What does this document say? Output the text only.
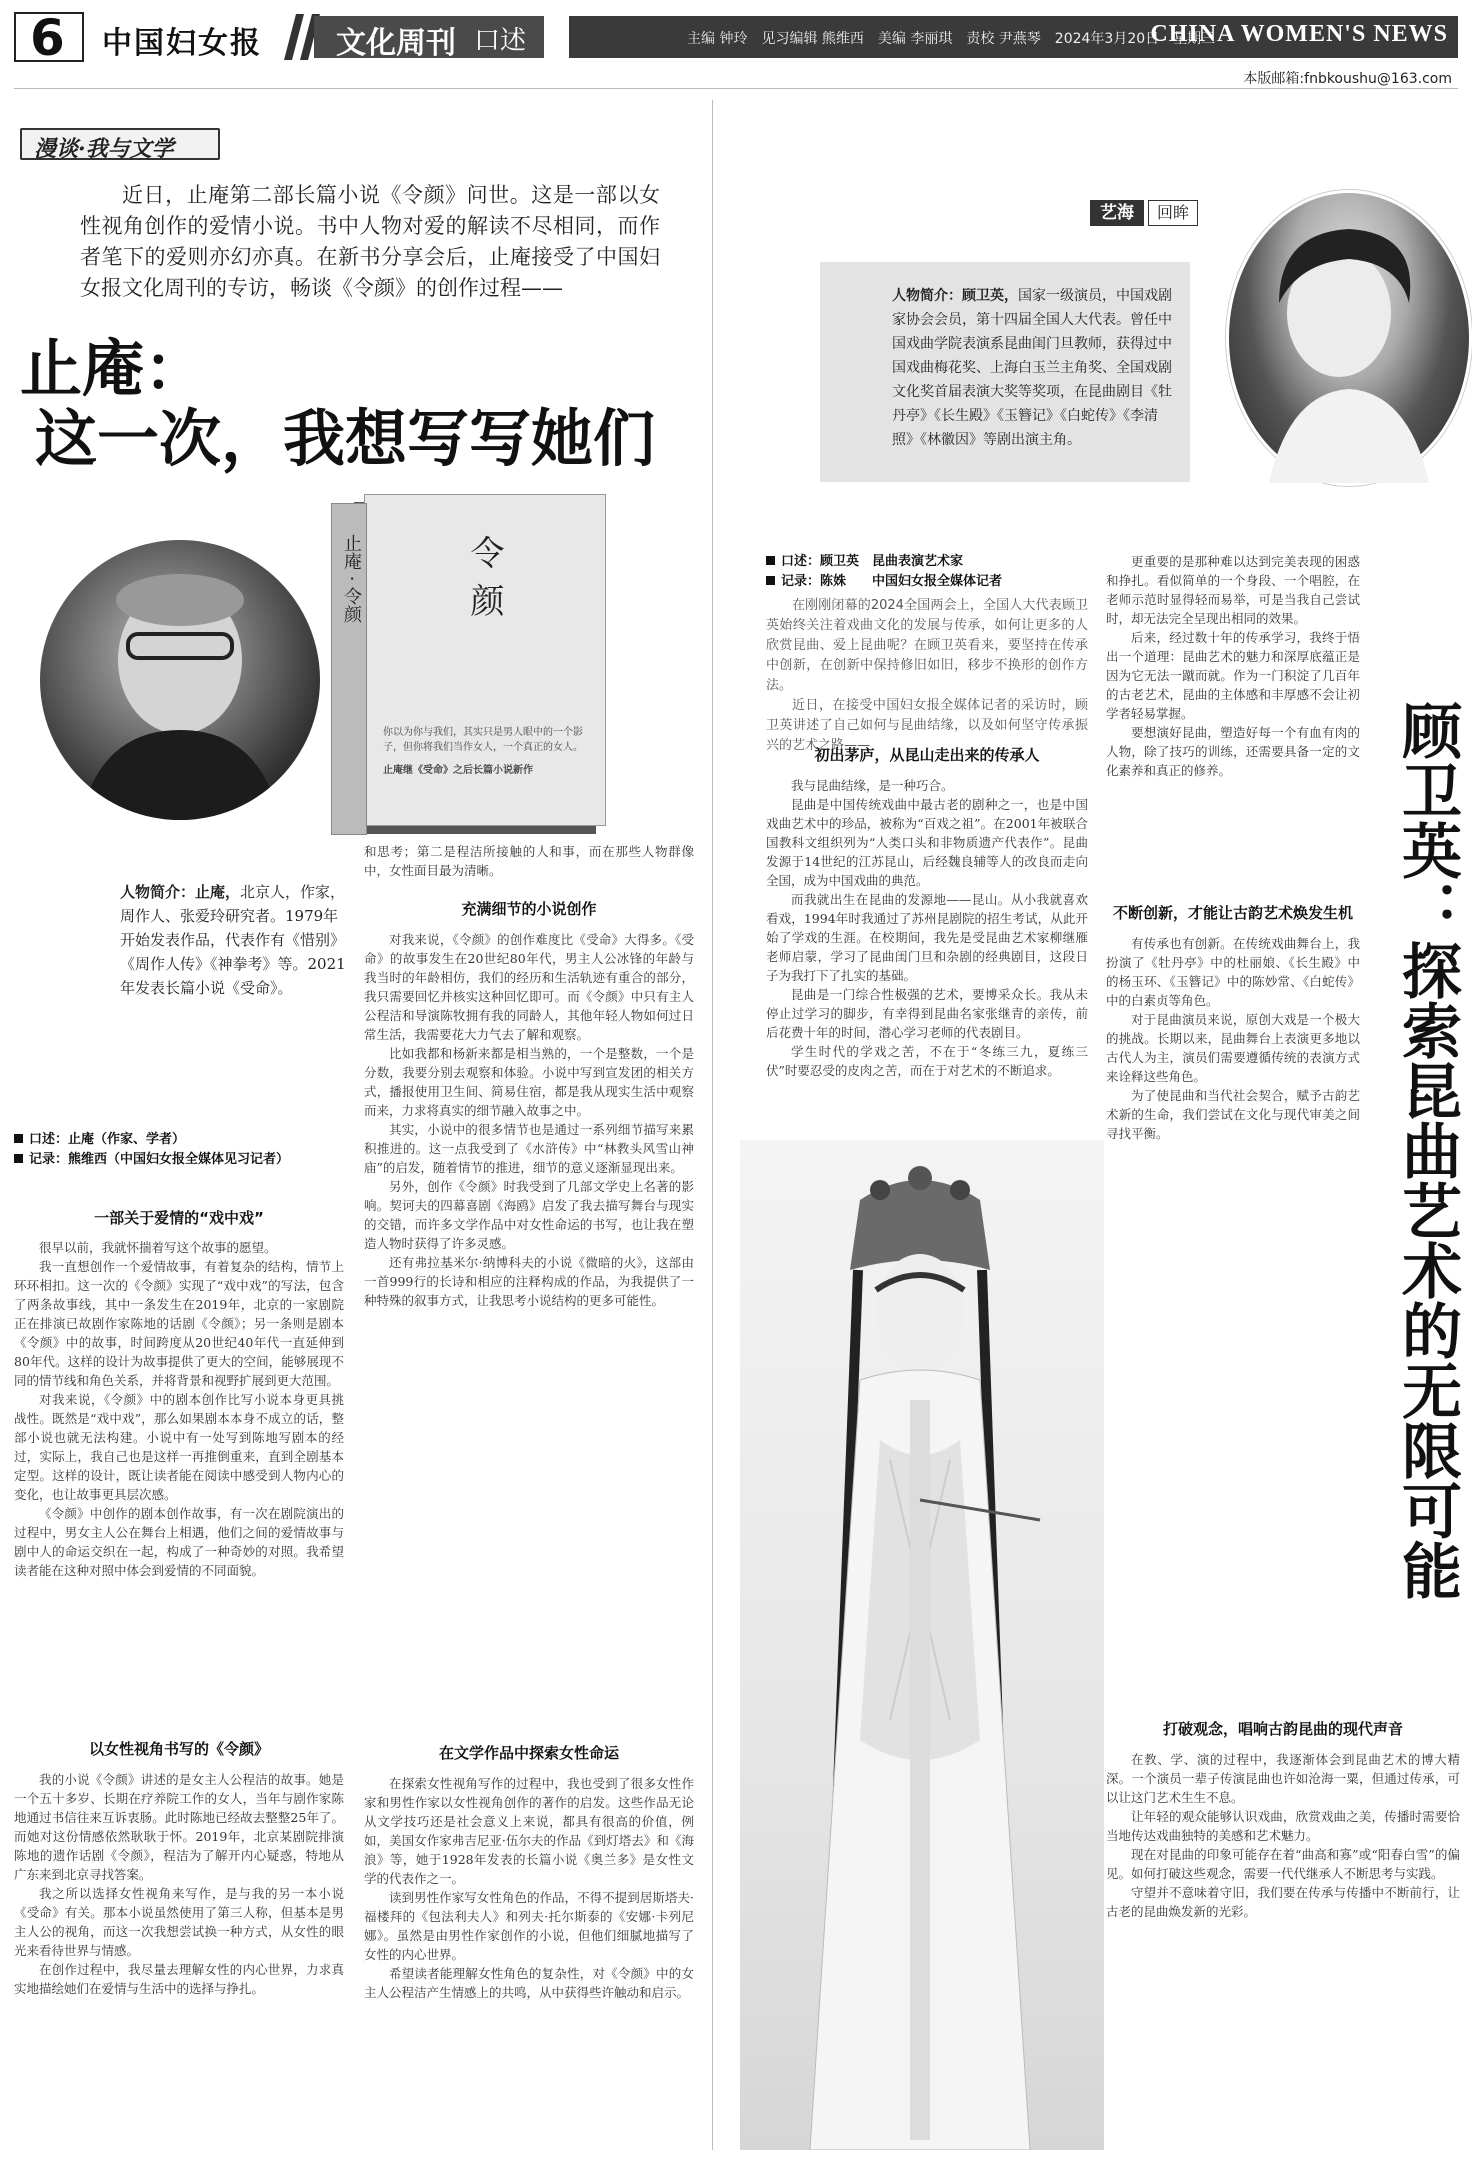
6 中国妇女报 文化周刊 口述	主编 钟玲　见习编辑 熊维西　美编 李丽琪　责校 尹燕琴　2024年3月20日　星期三
CHINA WOMEN'S NEWS
本版邮箱:fnbkoushu@163.com
漫谈·我与文学
近日，止庵第二部长篇小说《令颜》问世。这是一部以女性视角创作的爱情小说。书中人物对爱的解读不尽相同，而作者笔下的爱则亦幻亦真。在新书分享会后，止庵接受了中国妇女报文化周刊的专访，畅谈《令颜》的创作过程——
止庵：
这一次，我想写写她们
止庵 · 令颜	令颜
你以为你与我们，其实只是男人眼中的一个影子，但你将我们当作女人，一个真正的女人。
止庵继《受命》之后长篇小说新作
人物简介：止庵，北京人，作家，周作人、张爱玲研究者。1979年开始发表作品，代表作有《惜别》《周作人传》《神拳考》等。2021年发表长篇小说《受命》。
口述：止庵（作家、学者）
记录：熊维西（中国妇女报全媒体见习记者）
一部关于爱情的“戏中戏”

很早以前，我就怀揣着写这个故事的愿望。

我一直想创作一个爱情故事，有着复杂的结构，情节上环环相扣。这一次的《令颜》实现了“戏中戏”的写法，包含了两条故事线，其中一条发生在2019年，北京的一家剧院正在排演已故剧作家陈地的话剧《令颜》；另一条则是剧本《令颜》中的故事，时间跨度从20世纪40年代一直延伸到80年代。这样的设计为故事提供了更大的空间，能够展现不同的情节线和角色关系，并将背景和视野扩展到更大范围。

对我来说，《令颜》中的剧本创作比写小说本身更具挑战性。既然是“戏中戏”，那么如果剧本本身不成立的话，整部小说也就无法构建。小说中有一处写到陈地写剧本的经过，实际上，我自己也是这样一再推倒重来，直到全剧基本定型。这样的设计，既让读者能在阅读中感受到人物内心的变化，也让故事更具层次感。

《令颜》中创作的剧本创作故事，有一次在剧院演出的过程中，男女主人公在舞台上相遇，他们之间的爱情故事与剧中人的命运交织在一起，构成了一种奇妙的对照。我希望读者能在这种对照中体会到爱情的不同面貌。

以女性视角书写的《令颜》

我的小说《令颜》讲述的是女主人公程洁的故事。她是一个五十多岁、长期在疗养院工作的女人，当年与剧作家陈地通过书信往来互诉衷肠。此时陈地已经故去整整25年了。而她对这份情感依然耿耿于怀。2019年，北京某剧院排演陈地的遗作话剧《令颜》，程洁为了解开内心疑惑，特地从广东来到北京寻找答案。

我之所以选择女性视角来写作，是与我的另一本小说《受命》有关。那本小说虽然使用了第三人称，但基本是男主人公的视角，而这一次我想尝试换一种方式，从女性的眼光来看待世界与情感。

在创作过程中，我尽量去理解女性的内心世界，力求真实地描绘她们在爱情与生活中的选择与挣扎。

和思考；第二是程洁所接触的人和事，而在那些人物群像中，女性面目最为清晰。

充满细节的小说创作

对我来说，《令颜》的创作难度比《受命》大得多。《受命》的故事发生在20世纪80年代，男主人公冰锋的年龄与我当时的年龄相仿，我们的经历和生活轨迹有重合的部分，我只需要回忆并核实这种回忆即可。而《令颜》中只有主人公程洁和导演陈牧拥有我的同龄人，其他年轻人物如何过日常生活，我需要花大力气去了解和观察。

比如我都和杨新来都是相当熟的，一个是整数，一个是分数，我要分别去观察和体验。小说中写到宣发团的相关方式，播报使用卫生间、简易住宿，都是我从现实生活中观察而来，力求将真实的细节融入故事之中。

其实，小说中的很多情节也是通过一系列细节描写来累积推进的。这一点我受到了《水浒传》中“林教头风雪山神庙”的启发，随着情节的推进，细节的意义逐渐显现出来。

另外，创作《令颜》时我受到了几部文学史上名著的影响。契诃夫的四幕喜剧《海鸥》启发了我去描写舞台与现实的交错，而许多文学作品中对女性命运的书写，也让我在塑造人物时获得了许多灵感。

还有弗拉基米尔·纳博科夫的小说《微暗的火》，这部由一首999行的长诗和相应的注释构成的作品，为我提供了一种特殊的叙事方式，让我思考小说结构的更多可能性。

在文学作品中探索女性命运

在探索女性视角写作的过程中，我也受到了很多女性作家和男性作家以女性视角创作的著作的启发。这些作品无论从文学技巧还是社会意义上来说，都具有很高的价值，例如，美国女作家弗吉尼亚·伍尔夫的作品《到灯塔去》和《海浪》等，她于1928年发表的长篇小说《奥兰多》是女性文学的代表作之一。

读到男性作家写女性角色的作品，不得不提到居斯塔夫·福楼拜的《包法利夫人》和列夫·托尔斯泰的《安娜·卡列尼娜》。虽然是由男性作家创作的小说，但他们细腻地描写了女性的内心世界。

希望读者能理解女性角色的复杂性，对《令颜》中的女主人公程洁产生情感上的共鸣，从中获得些许触动和启示。

艺海	回眸
人物简介：顾卫英，国家一级演员，中国戏剧家协会会员，第十四届全国人大代表。曾任中国戏曲学院表演系昆曲闺门旦教师，获得过中国戏曲梅花奖、上海白玉兰主角奖、全国戏剧文化奖首届表演大奖等奖项，在昆曲剧目《牡丹亭》《长生殿》《玉簪记》《白蛇传》《李清照》《林徽因》等剧出演主角。
口述：顾卫英　昆曲表演艺术家
记录：陈姝　　中国妇女报全媒体记者

在刚刚闭幕的2024全国两会上，全国人大代表顾卫英始终关注着戏曲文化的发展与传承，如何让更多的人欣赏昆曲、爱上昆曲呢？在顾卫英看来，要坚持在传承中创新，在创新中保持修旧如旧，移步不换形的创作方法。

近日，在接受中国妇女报全媒体记者的采访时，顾卫英讲述了自己如何与昆曲结缘，以及如何坚守传承振兴的艺术之路——

初出茅庐，从昆山走出来的传承人

我与昆曲结缘，是一种巧合。

昆曲是中国传统戏曲中最古老的剧种之一，也是中国戏曲艺术中的珍品，被称为“百戏之祖”。在2001年被联合国教科文组织列为“人类口头和非物质遗产代表作”。昆曲发源于14世纪的江苏昆山，后经魏良辅等人的改良而走向全国，成为中国戏曲的典范。

而我就出生在昆曲的发源地——昆山。从小我就喜欢看戏，1994年时我通过了苏州昆剧院的招生考试，从此开始了学戏的生涯。在校期间，我先是受昆曲艺术家柳继雁老师启蒙，学习了昆曲闺门旦和杂剧的经典剧目，这段日子为我打下了扎实的基础。

昆曲是一门综合性极强的艺术，要博采众长。我从未停止过学习的脚步，有幸得到昆曲名家张继青的亲传，前后花费十年的时间，潜心学习老师的代表剧目。

学生时代的学戏之苦，不在于“冬练三九，夏练三伏”时要忍受的皮肉之苦，而在于对艺术的不断追求。	顾卫英：探索昆曲艺术的无限可能

更重要的是那种难以达到完美表现的困惑和挣扎。看似简单的一个身段、一个唱腔，在老师示范时显得轻而易举，可是当我自己尝试时，却无法完全呈现出相同的效果。

后来，经过数十年的传承学习，我终于悟出一个道理：昆曲艺术的魅力和深厚底蕴正是因为它无法一蹴而就。作为一门积淀了几百年的古老艺术，昆曲的主体感和丰厚感不会让初学者轻易掌握。

要想演好昆曲，塑造好每一个有血有肉的人物，除了技巧的训练，还需要具备一定的文化素养和真正的修养。

不断创新，才能让古韵艺术焕发生机

有传承也有创新。在传统戏曲舞台上，我扮演了《牡丹亭》中的杜丽娘、《长生殿》中的杨玉环、《玉簪记》中的陈妙常、《白蛇传》中的白素贞等角色。

对于昆曲演员来说，原创大戏是一个极大的挑战。长期以来，昆曲舞台上表演更多地以古代人为主，演员们需要遵循传统的表演方式来诠释这些角色。

为了使昆曲和当代社会契合，赋予古韵艺术新的生命，我们尝试在文化与现代审美之间寻找平衡。

打破观念，唱响古韵昆曲的现代声音

在教、学、演的过程中，我逐渐体会到昆曲艺术的博大精深。一个演员一辈子传演昆曲也许如沧海一粟，但通过传承，可以让这门艺术生生不息。

让年轻的观众能够认识戏曲，欣赏戏曲之美，传播时需要恰当地传达戏曲独特的美感和艺术魅力。

现在对昆曲的印象可能存在着“曲高和寡”或“阳春白雪”的偏见。如何打破这些观念，需要一代代继承人不断思考与实践。

守望并不意味着守旧，我们要在传承与传播中不断前行，让古老的昆曲焕发新的光彩。
